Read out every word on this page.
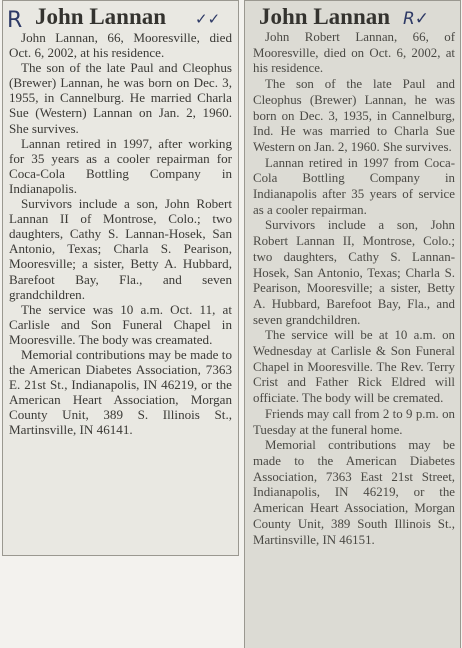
R John Lannan ✓✓

John Lannan, 66, Mooresville, died Oct. 6, 2002, at his residence.

The son of the late Paul and Cleophus (Brewer) Lannan, he was born on Dec. 3, 1955, in Cannelburg. He married Charla Sue (Western) Lannan on Jan. 2, 1960. She survives.

Lannan retired in 1997, after working for 35 years as a cooler repairman for Coca-Cola Bottling Company in Indianapolis.

Survivors include a son, John Robert Lannan II of Montrose, Colo.; two daughters, Cathy S. Lannan-Hosek, San Antonio, Texas; Charla S. Pearison, Mooresville; a sister, Betty A. Hubbard, Barefoot Bay, Fla., and seven grandchildren.

The service was 10 a.m. Oct. 11, at Carlisle and Son Funeral Chapel in Mooresville. The body was creamated.

Memorial contributions may be made to the American Diabetes Association, 7363 E. 21st St., Indianapolis, IN 46219, or the American Heart Association, Morgan County Unit, 389 S. Illinois St., Martinsville, IN 46141.

John Lannan R✓

John Robert Lannan, 66, of Mooresville, died on Oct. 6, 2002, at his residence.

The son of the late Paul and Cleophus (Brewer) Lannan, he was born on Dec. 3, 1935, in Cannelburg, Ind. He was married to Charla Sue Western on Jan. 2, 1960. She survives.

Lannan retired in 1997 from Coca-Cola Bottling Company in Indianapolis after 35 years of service as a cooler repairman.

Survivors include a son, John Robert Lannan II, Montrose, Colo.; two daughters, Cathy S. Lannan-Hosek, San Antonio, Texas; Charla S. Pearison, Mooresville; a sister, Betty A. Hubbard, Barefoot Bay, Fla., and seven grandchildren.

The service will be at 10 a.m. on Wednesday at Carlisle & Son Funeral Chapel in Mooresville. The Rev. Terry Crist and Father Rick Eldred will officiate. The body will be cremated.

Friends may call from 2 to 9 p.m. on Tuesday at the funeral home.

Memorial contributions may be made to the American Diabetes Association, 7363 East 21st Street, Indianapolis, IN 46219, or the American Heart Association, Morgan County Unit, 389 South Illinois St., Martinsville, IN 46151.
